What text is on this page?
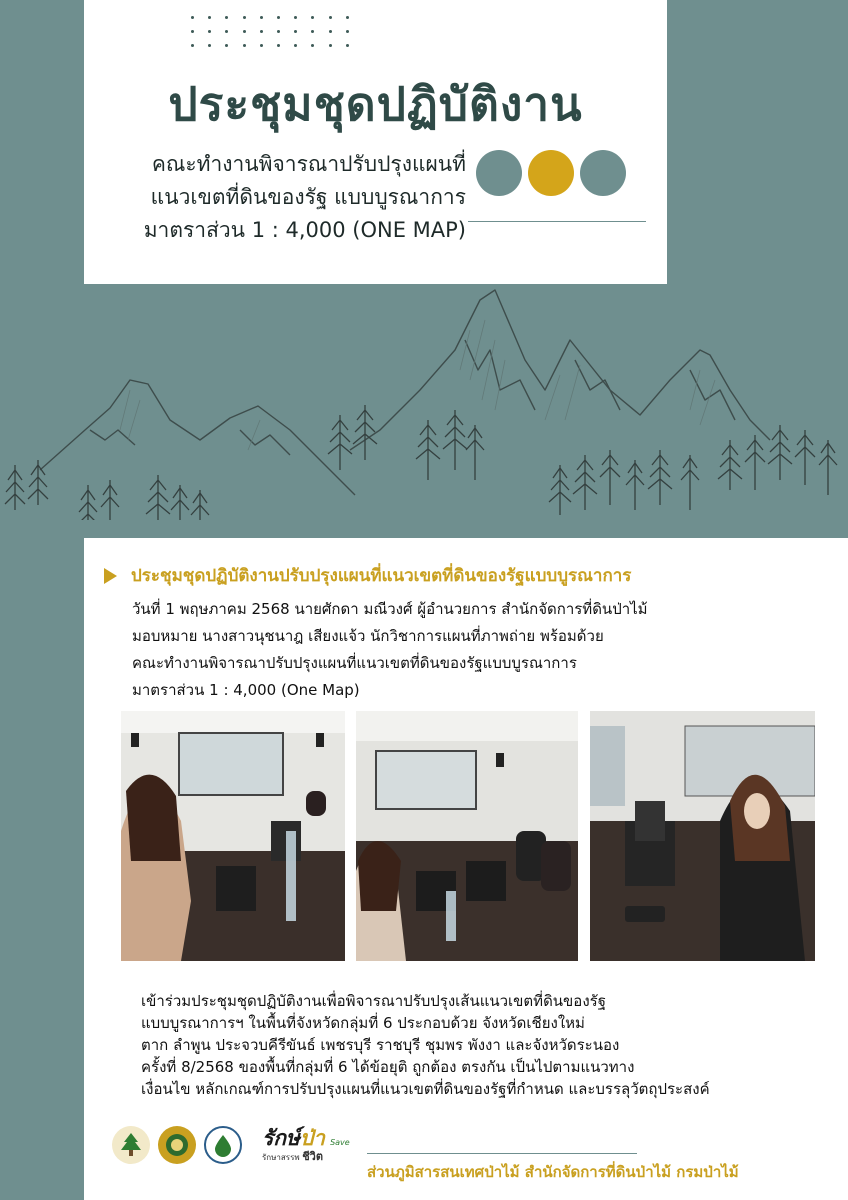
ประชุมชุดปฏิบัติงาน
คณะทำงานพิจารณาปรับปรุงแผนที่
แนวเขตที่ดินของรัฐ แบบบูรณาการ
มาตราส่วน 1 : 4,000 (ONE MAP)
ประชุมชุดปฏิบัติงานปรับปรุงแผนที่แนวเขตที่ดินของรัฐแบบบูรณาการ
วันที่ 1 พฤษภาคม 2568 นายศักดา มณีวงศ์ ผู้อำนวยการ สำนักจัดการที่ดินป่าไม้
มอบหมาย นางสาวนุชนาฎ เสียงแจ้ว นักวิชาการแผนที่ภาพถ่าย พร้อมด้วย
คณะทำงานพิจารณาปรับปรุงแผนที่แนวเขตที่ดินของรัฐแบบบูรณาการ
มาตราส่วน 1 : 4,000 (One Map)
เข้าร่วมประชุมชุดปฏิบัติงานเพื่อพิจารณาปรับปรุงเส้นแนวเขตที่ดินของรัฐ
แบบบูรณาการฯ ในพื้นที่จังหวัดกลุ่มที่ 6 ประกอบด้วย จังหวัดเชียงใหม่
ตาก ลำพูน ประจวบคีรีขันธ์ เพชรบุรี ราชบุรี ชุมพร พังงา และจังหวัดระนอง
ครั้งที่ 8/2568 ของพื้นที่กลุ่มที่ 6 ได้ข้อยุติ ถูกต้อง ตรงกัน เป็นไปตามแนวทาง
เงื่อนไข หลักเกณฑ์การปรับปรุงแผนที่แนวเขตที่ดินของรัฐที่กำหนด และบรรลุวัตถุประสงค์
รักษ์ป่า Save
รักษาสรรพ ชีวิต
ส่วนภูมิสารสนเทศป่าไม้ สำนักจัดการที่ดินป่าไม้ กรมป่าไม้
